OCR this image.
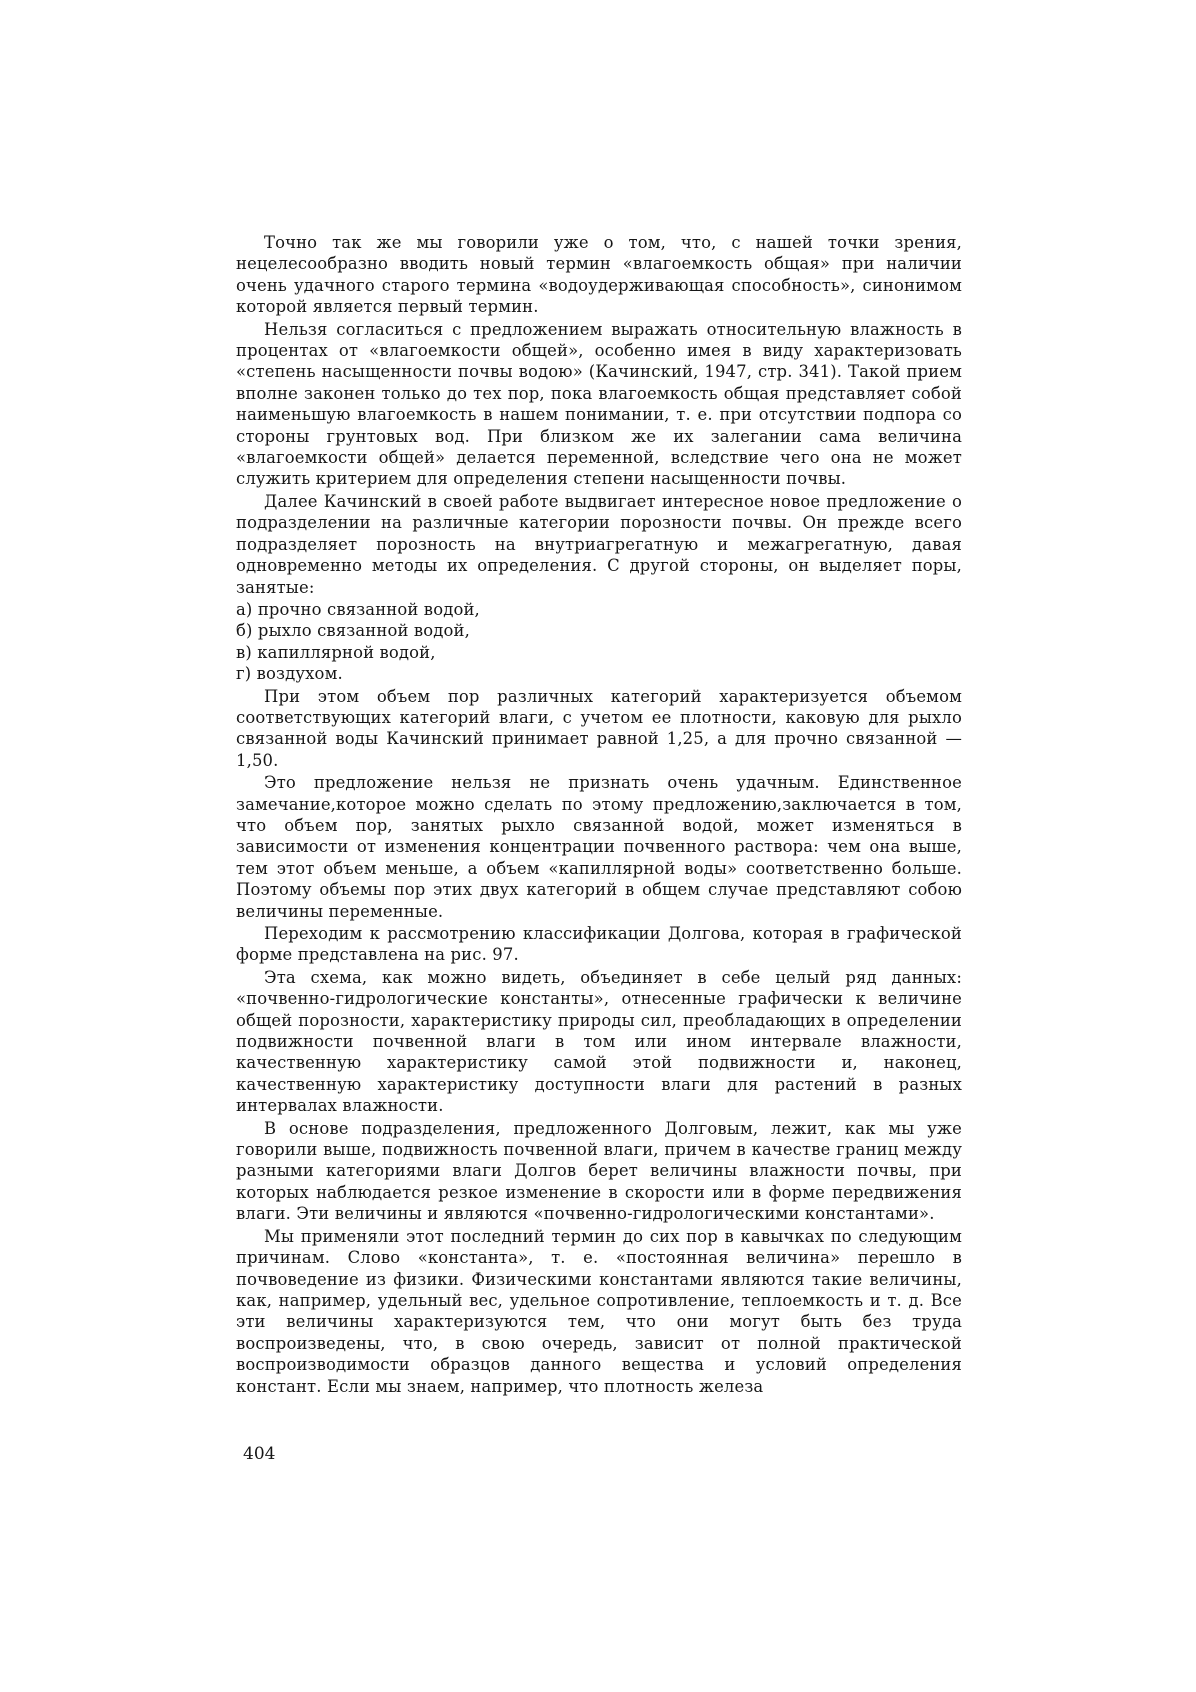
Точно так же мы говорили уже о том, что, с нашей точки зрения, нецелесообразно вводить новый термин «влагоемкость общая» при наличии очень удачного старого термина «водоудерживающая способность», синонимом которой является первый термин.

Нельзя согласиться с предложением выражать относительную влажность в процентах от «влагоемкости общей», особенно имея в виду характеризовать «степень насыщенности почвы водою» (Качинский, 1947, стр. 341). Такой прием вполне законен только до тех пор, пока влагоемкость общая представляет собой наименьшую влагоемкость в нашем понимании, т. е. при отсутствии подпора со стороны грунтовых вод. При близком же их залегании сама величина «влагоемкости общей» делается переменной, вследствие чего она не может служить критерием для определения степени насыщенности почвы.

Далее Качинский в своей работе выдвигает интересное новое предложение о подразделении на различные категории порозности почвы. Он прежде всего подразделяет порозность на внутриагрегатную и межагрегатную, давая одновременно методы их определения. С другой стороны, он выделяет поры, занятые:

а) прочно связанной водой,
б) рыхло связанной водой,
в) капиллярной водой,
г) воздухом.

При этом объем пор различных категорий характеризуется объемом соответствующих категорий влаги, с учетом ее плотности, каковую для рыхло связанной воды Качинский принимает равной 1,25, а для прочно связанной — 1,50.

Это предложение нельзя не признать очень удачным. Единственное замечание,которое можно сделать по этому предложению,заключается в том, что объем пор, занятых рыхло связанной водой, может изменяться в зависимости от изменения концентрации почвенного раствора: чем она выше, тем этот объем меньше, а объем «капиллярной воды» соответственно больше. Поэтому объемы пор этих двух категорий в общем случае представляют собою величины переменные.

Переходим к рассмотрению классификации Долгова, которая в графической форме представлена на рис. 97.

Эта схема, как можно видеть, объединяет в себе целый ряд данных: «почвенно-гидрологические константы», отнесенные графически к величине общей порозности, характеристику природы сил, преобладающих в определении подвижности почвенной влаги в том или ином интервале влажности, качественную характеристику самой этой подвижности и, наконец, качественную характеристику доступности влаги для растений в разных интервалах влажности.

В основе подразделения, предложенного Долговым, лежит, как мы уже говорили выше, подвижность почвенной влаги, причем в качестве границ между разными категориями влаги Долгов берет величины влажности почвы, при которых наблюдается резкое изменение в скорости или в форме передвижения влаги. Эти величины и являются «почвенно-гидрологическими константами».

Мы применяли этот последний термин до сих пор в кавычках по следующим причинам. Слово «константа», т. е. «постоянная величина» перешло в почвоведение из физики. Физическими константами являются такие величины, как, например, удельный вес, удельное сопротивление, теплоемкость и т. д. Все эти величины характеризуются тем, что они могут быть без труда воспроизведены, что, в свою очередь, зависит от полной практической воспроизводимости образцов данного вещества и условий определения констант. Если мы знаем, например, что плотность железа

404
